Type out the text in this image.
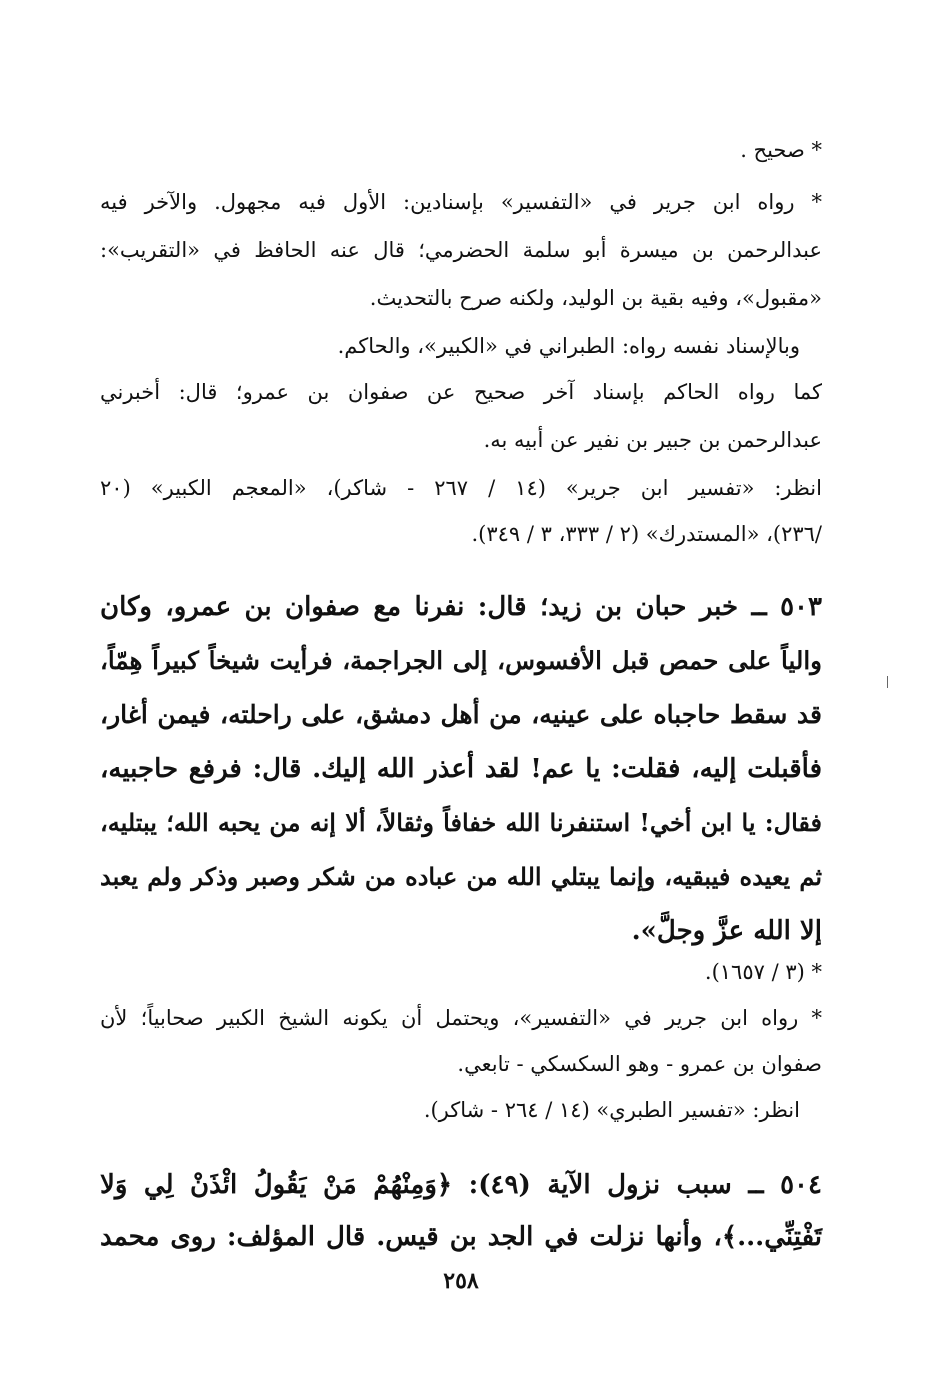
* صحيح .
* رواه ابن جرير في «التفسير» بإسنادين: الأول فيه مجهول. والآخر فيه
عبدالرحمن بن ميسرة أبو سلمة الحضرمي؛ قال عنه الحافظ في «التقريب»:
«مقبول»، وفيه بقية بن الوليد، ولكنه صرح بالتحديث.
وبالإسناد نفسه رواه: الطبراني في «الكبير»، والحاكم.
كما رواه الحاكم بإسناد آخر صحيح عن صفوان بن عمرو؛ قال: أخبرني
عبدالرحمن بن جبير بن نفير عن أبيه به.
انظر: «تفسير ابن جرير» (١٤ / ٢٦٧ - شاكر)، «المعجم الكبير» (٢٠
/٢٣٦)، «المستدرك» (٢ / ٣٣٣، ٣ / ٣٤٩).
٥٠٣ ــ خبر حبان بن زيد؛ قال: نفرنا مع صفوان بن عمرو، وكان
والياً على حمص قبل الأفسوس، إلى الجراجمة، فرأيت شيخاً كبيراً هِمّاً،
قد سقط حاجباه على عينيه، من أهل دمشق، على راحلته، فيمن أغار،
فأقبلت إليه، فقلت: يا عم! لقد أعذر الله إليك. قال: فرفع حاجبيه،
فقال: يا ابن أخي! استنفرنا الله خفافاً وثقالاً، ألا إنه من يحبه الله؛ يبتليه،
ثم يعيده فيبقيه، وإنما يبتلي الله من عباده من شكر وصبر وذكر ولم يعبد
إلا الله عزَّ وجلَّ».
* (٣ / ١٦٥٧).
* رواه ابن جرير في «التفسير»، ويحتمل أن يكونه الشيخ الكبير صحابياً؛ لأن
صفوان بن عمرو - وهو السكسكي - تابعي.
انظر: «تفسير الطبري» (١٤ / ٢٦٤ - شاكر).
٥٠٤ ــ سبب نزول الآية (٤٩): ﴿وَمِنْهُمْ مَنْ يَقُولُ ائْذَنْ لِي وَلا
تَفْتِنِّي...﴾، وأنها نزلت في الجد بن قيس. قال المؤلف: روى محمد
٢٥٨
